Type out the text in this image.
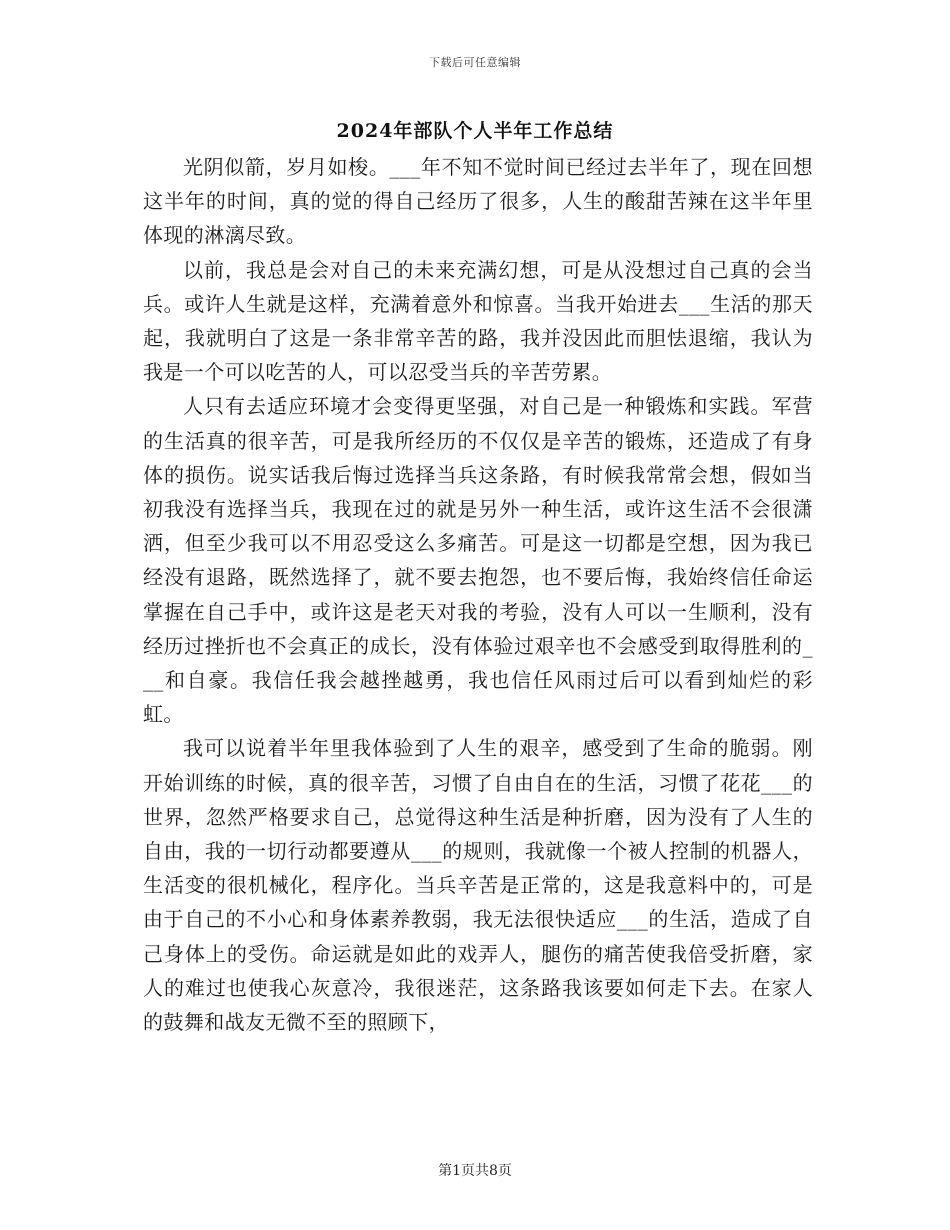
下载后可任意编辑
2024年部队个人半年工作总结

光阴似箭，岁月如梭。___年不知不觉时间已经过去半年了，现在回想这半年的时间，真的觉的得自己经历了很多，人生的酸甜苦辣在这半年里体现的淋漓尽致。

以前，我总是会对自己的未来充满幻想，可是从没想过自己真的会当兵。或许人生就是这样，充满着意外和惊喜。当我开始进去___生活的那天起，我就明白了这是一条非常辛苦的路，我并没因此而胆怯退缩，我认为我是一个可以吃苦的人，可以忍受当兵的辛苦劳累。

人只有去适应环境才会变得更坚强，对自己是一种锻炼和实践。军营的生活真的很辛苦，可是我所经历的不仅仅是辛苦的锻炼，还造成了有身体的损伤。说实话我后悔过选择当兵这条路，有时候我常常会想，假如当初我没有选择当兵，我现在过的就是另外一种生活，或许这生活不会很潇洒，但至少我可以不用忍受这么多痛苦。可是这一切都是空想，因为我已经没有退路，既然选择了，就不要去抱怨，也不要后悔，我始终信任命运掌握在自己手中，或许这是老天对我的考验，没有人可以一生顺利，没有经历过挫折也不会真正的成长，没有体验过艰辛也不会感受到取得胜利的___和自豪。我信任我会越挫越勇，我也信任风雨过后可以看到灿烂的彩虹。

我可以说着半年里我体验到了人生的艰辛，感受到了生命的脆弱。刚开始训练的时候，真的很辛苦，习惯了自由自在的生活，习惯了花花___的世界，忽然严格要求自己，总觉得这种生活是种折磨，因为没有了人生的自由，我的一切行动都要遵从___的规则，我就像一个被人控制的机器人，生活变的很机械化，程序化。当兵辛苦是正常的，这是我意料中的，可是由于自己的不小心和身体素养教弱，我无法很快适应___的生活，造成了自己身体上的受伤。命运就是如此的戏弄人，腿伤的痛苦使我倍受折磨，家人的难过也使我心灰意冷，我很迷茫，这条路我该要如何走下去。在家人的鼓舞和战友无微不至的照顾下，

第1页共8页
